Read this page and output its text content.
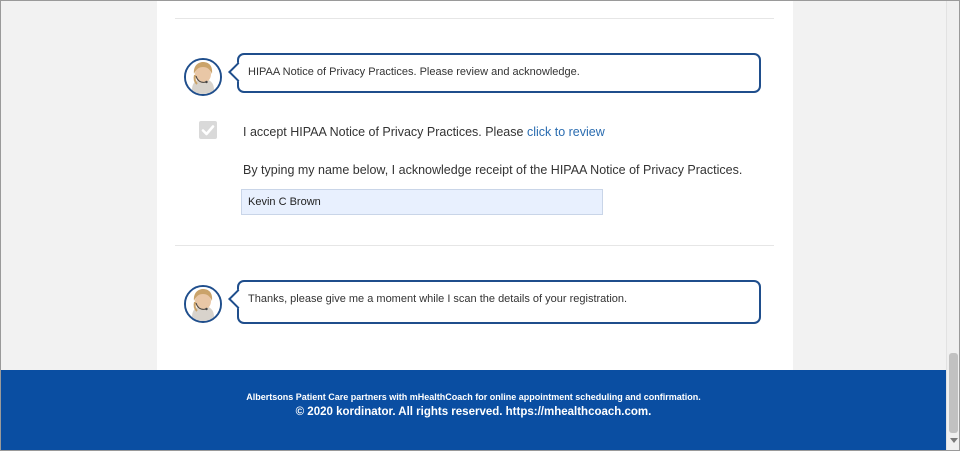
HIPAA Notice of Privacy Practices. Please review and acknowledge.
I accept HIPAA Notice of Privacy Practices. Please click to review
By typing my name below, I acknowledge receipt of the HIPAA Notice of Privacy Practices.
Kevin C Brown
Thanks, please give me a moment while I scan the details of your registration.
Albertsons Patient Care partners with mHealthCoach for online appointment scheduling and confirmation.
© 2020 kordinator. All rights reserved. https://mhealthcoach.com.
